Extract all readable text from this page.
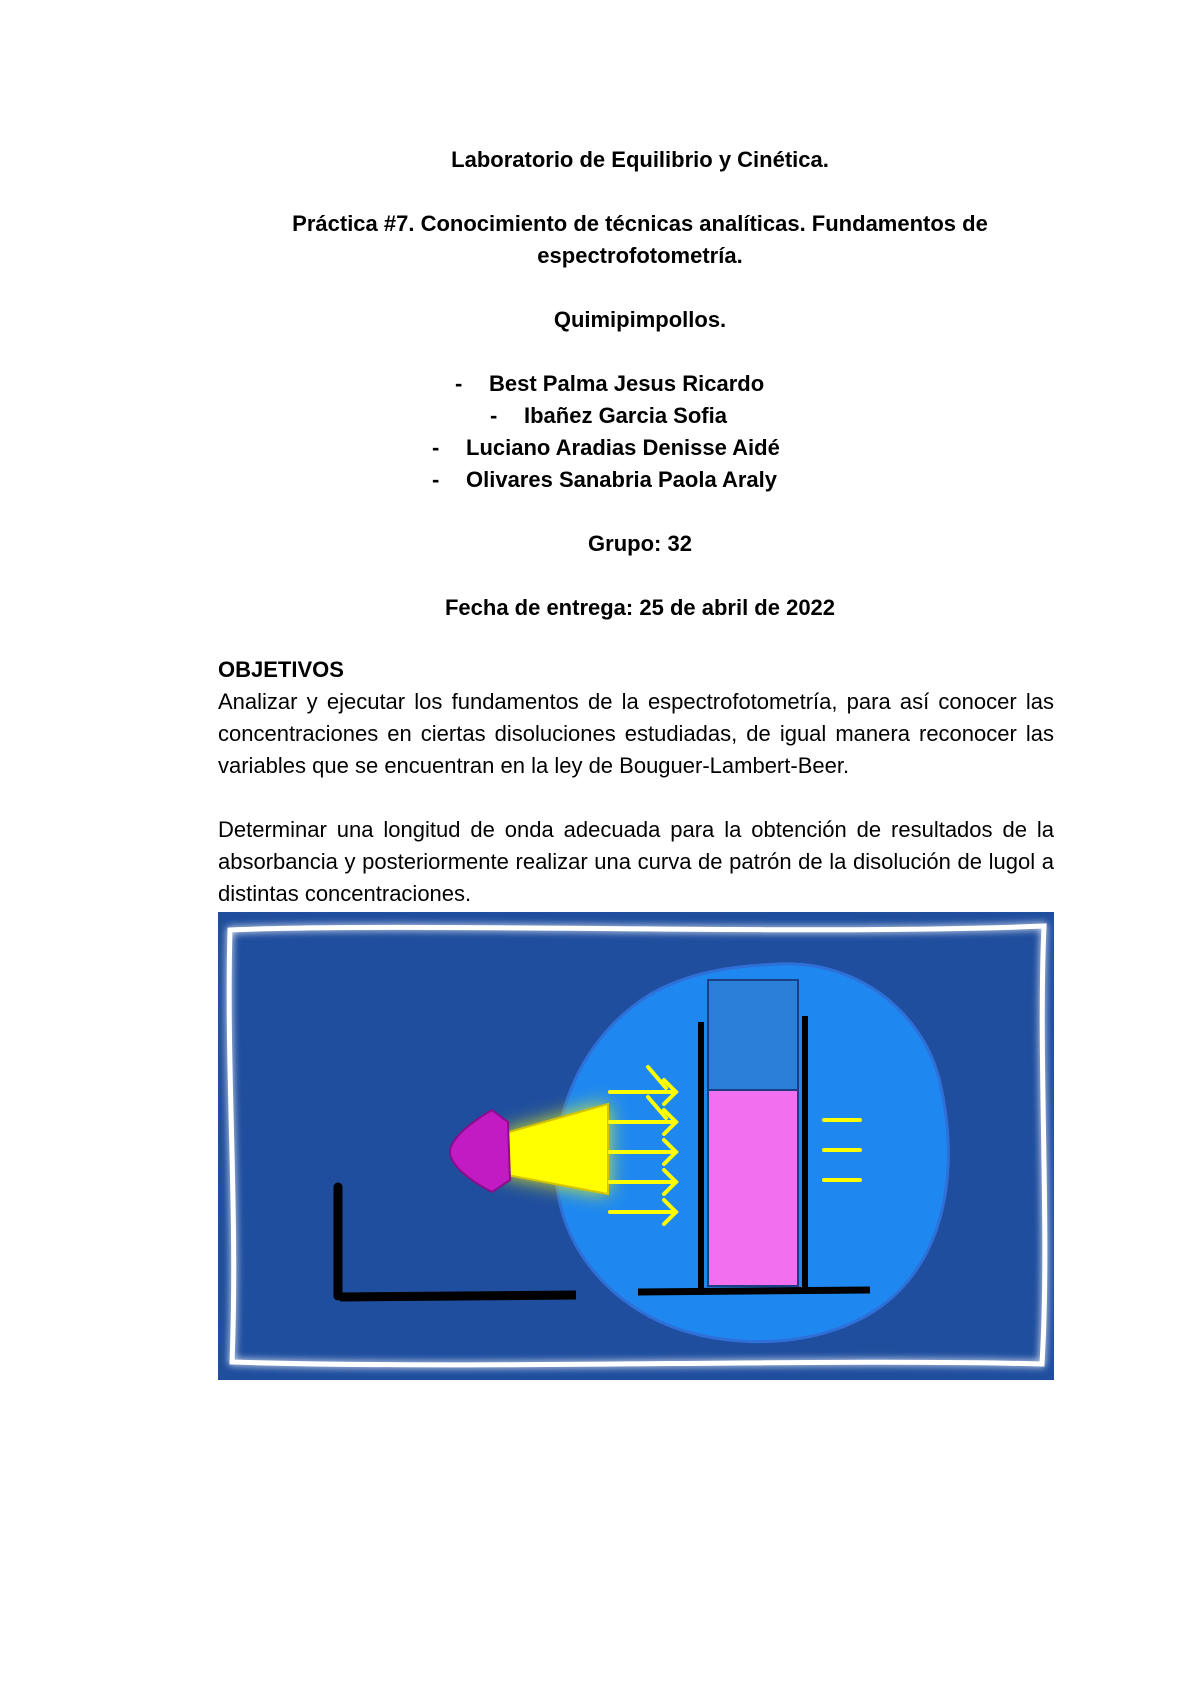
Laboratorio de Equilibrio y Cinética.
Práctica #7. Conocimiento de técnicas analíticas. Fundamentos de
espectrofotometría.
Quimipimpollos.
- Best Palma Jesus Ricardo
- Ibañez Garcia Sofia
- Luciano Aradias Denisse Aidé
- Olivares Sanabria Paola Araly
Grupo: 32
Fecha de entrega: 25 de abril de 2022
OBJETIVOS
Analizar y ejecutar los fundamentos de la espectrofotometría, para así conocer las concentraciones en ciertas disoluciones estudiadas, de igual manera reconocer las variables que se encuentran en la ley de Bouguer-Lambert-Beer.
Determinar una longitud de onda adecuada para la obtención de resultados de la absorbancia y posteriormente realizar una curva de patrón de la disolución de lugol a distintas concentraciones.
